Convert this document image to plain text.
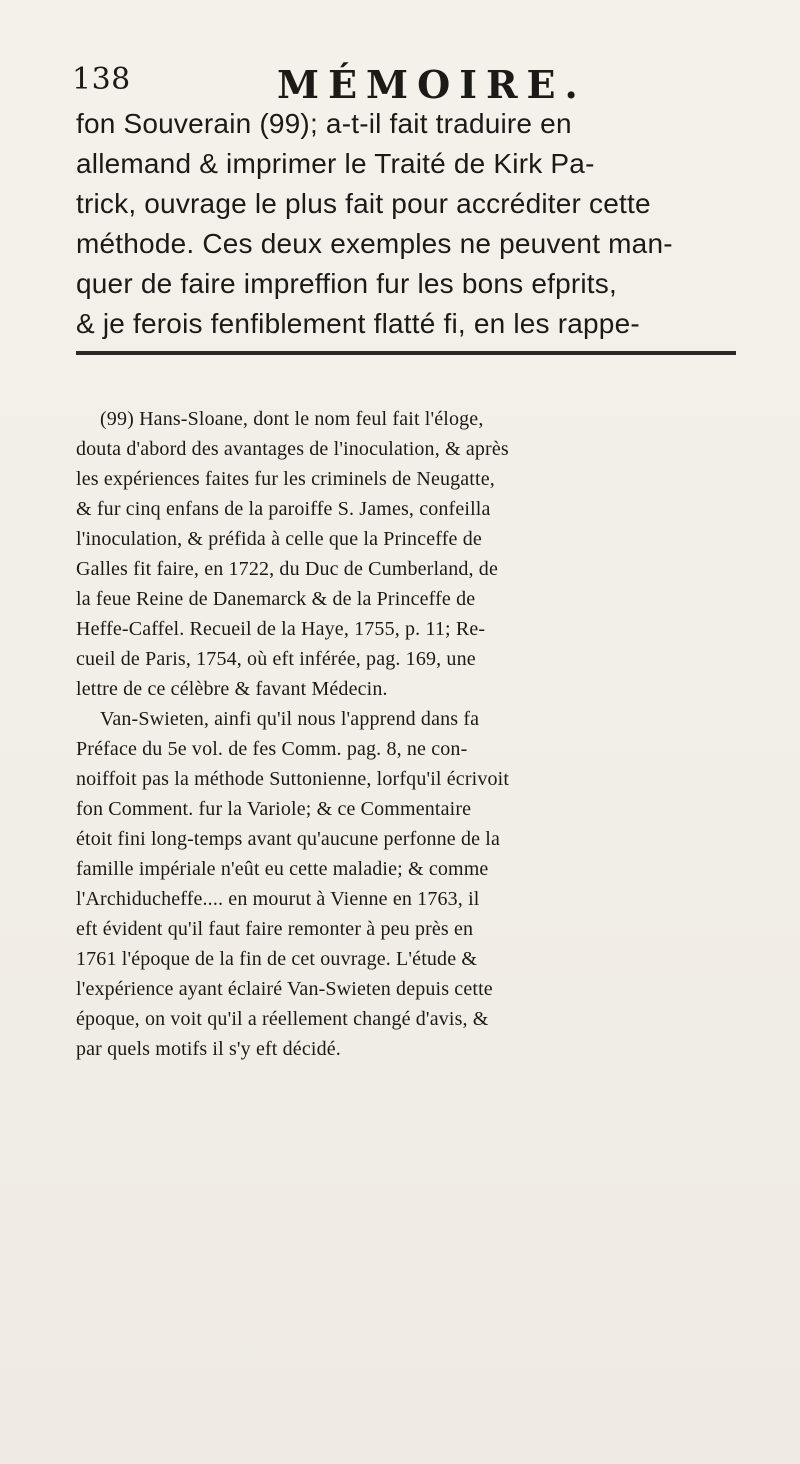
138	MÉMOIRE.
fon Souverain (99); a-t-il fait traduire en
allemand & imprimer le Traité de Kirk Pa-
trick, ouvrage le plus fait pour accréditer cette
méthode. Ces deux exemples ne peuvent man-
quer de faire impreffion fur les bons efprits,
& je ferois fenfiblement flatté fi, en les rappe-
(99) Hans-Sloane, dont le nom feul fait l'éloge,
douta d'abord des avantages de l'inoculation, & après
les expériences faites fur les criminels de Neugatte,
& fur cinq enfans de la paroiffe S. James, confeilla
l'inoculation, & préfida à celle que la Princeffe de
Galles fit faire, en 1722, du Duc de Cumberland, de
la feue Reine de Danemarck & de la Princeffe de
Heffe-Caffel. Recueil de la Haye, 1755, p. 11; Re-
cueil de Paris, 1754, où eft inférée, pag. 169, une
lettre de ce célèbre & favant Médecin.
Van-Swieten, ainfi qu'il nous l'apprend dans fa
Préface du 5e vol. de fes Comm. pag. 8, ne con-
noiffoit pas la méthode Suttonienne, lorfqu'il écrivoit
fon Comment. fur la Variole; & ce Commentaire
étoit fini long-temps avant qu'aucune perfonne de la
famille impériale n'eût eu cette maladie; & comme
l'Archiducheffe.... en mourut à Vienne en 1763, il
eft évident qu'il faut faire remonter à peu près en
1761 l'époque de la fin de cet ouvrage. L'étude &
l'expérience ayant éclairé Van-Swieten depuis cette
époque, on voit qu'il a réellement changé d'avis, &
par quels motifs il s'y eft décidé.
